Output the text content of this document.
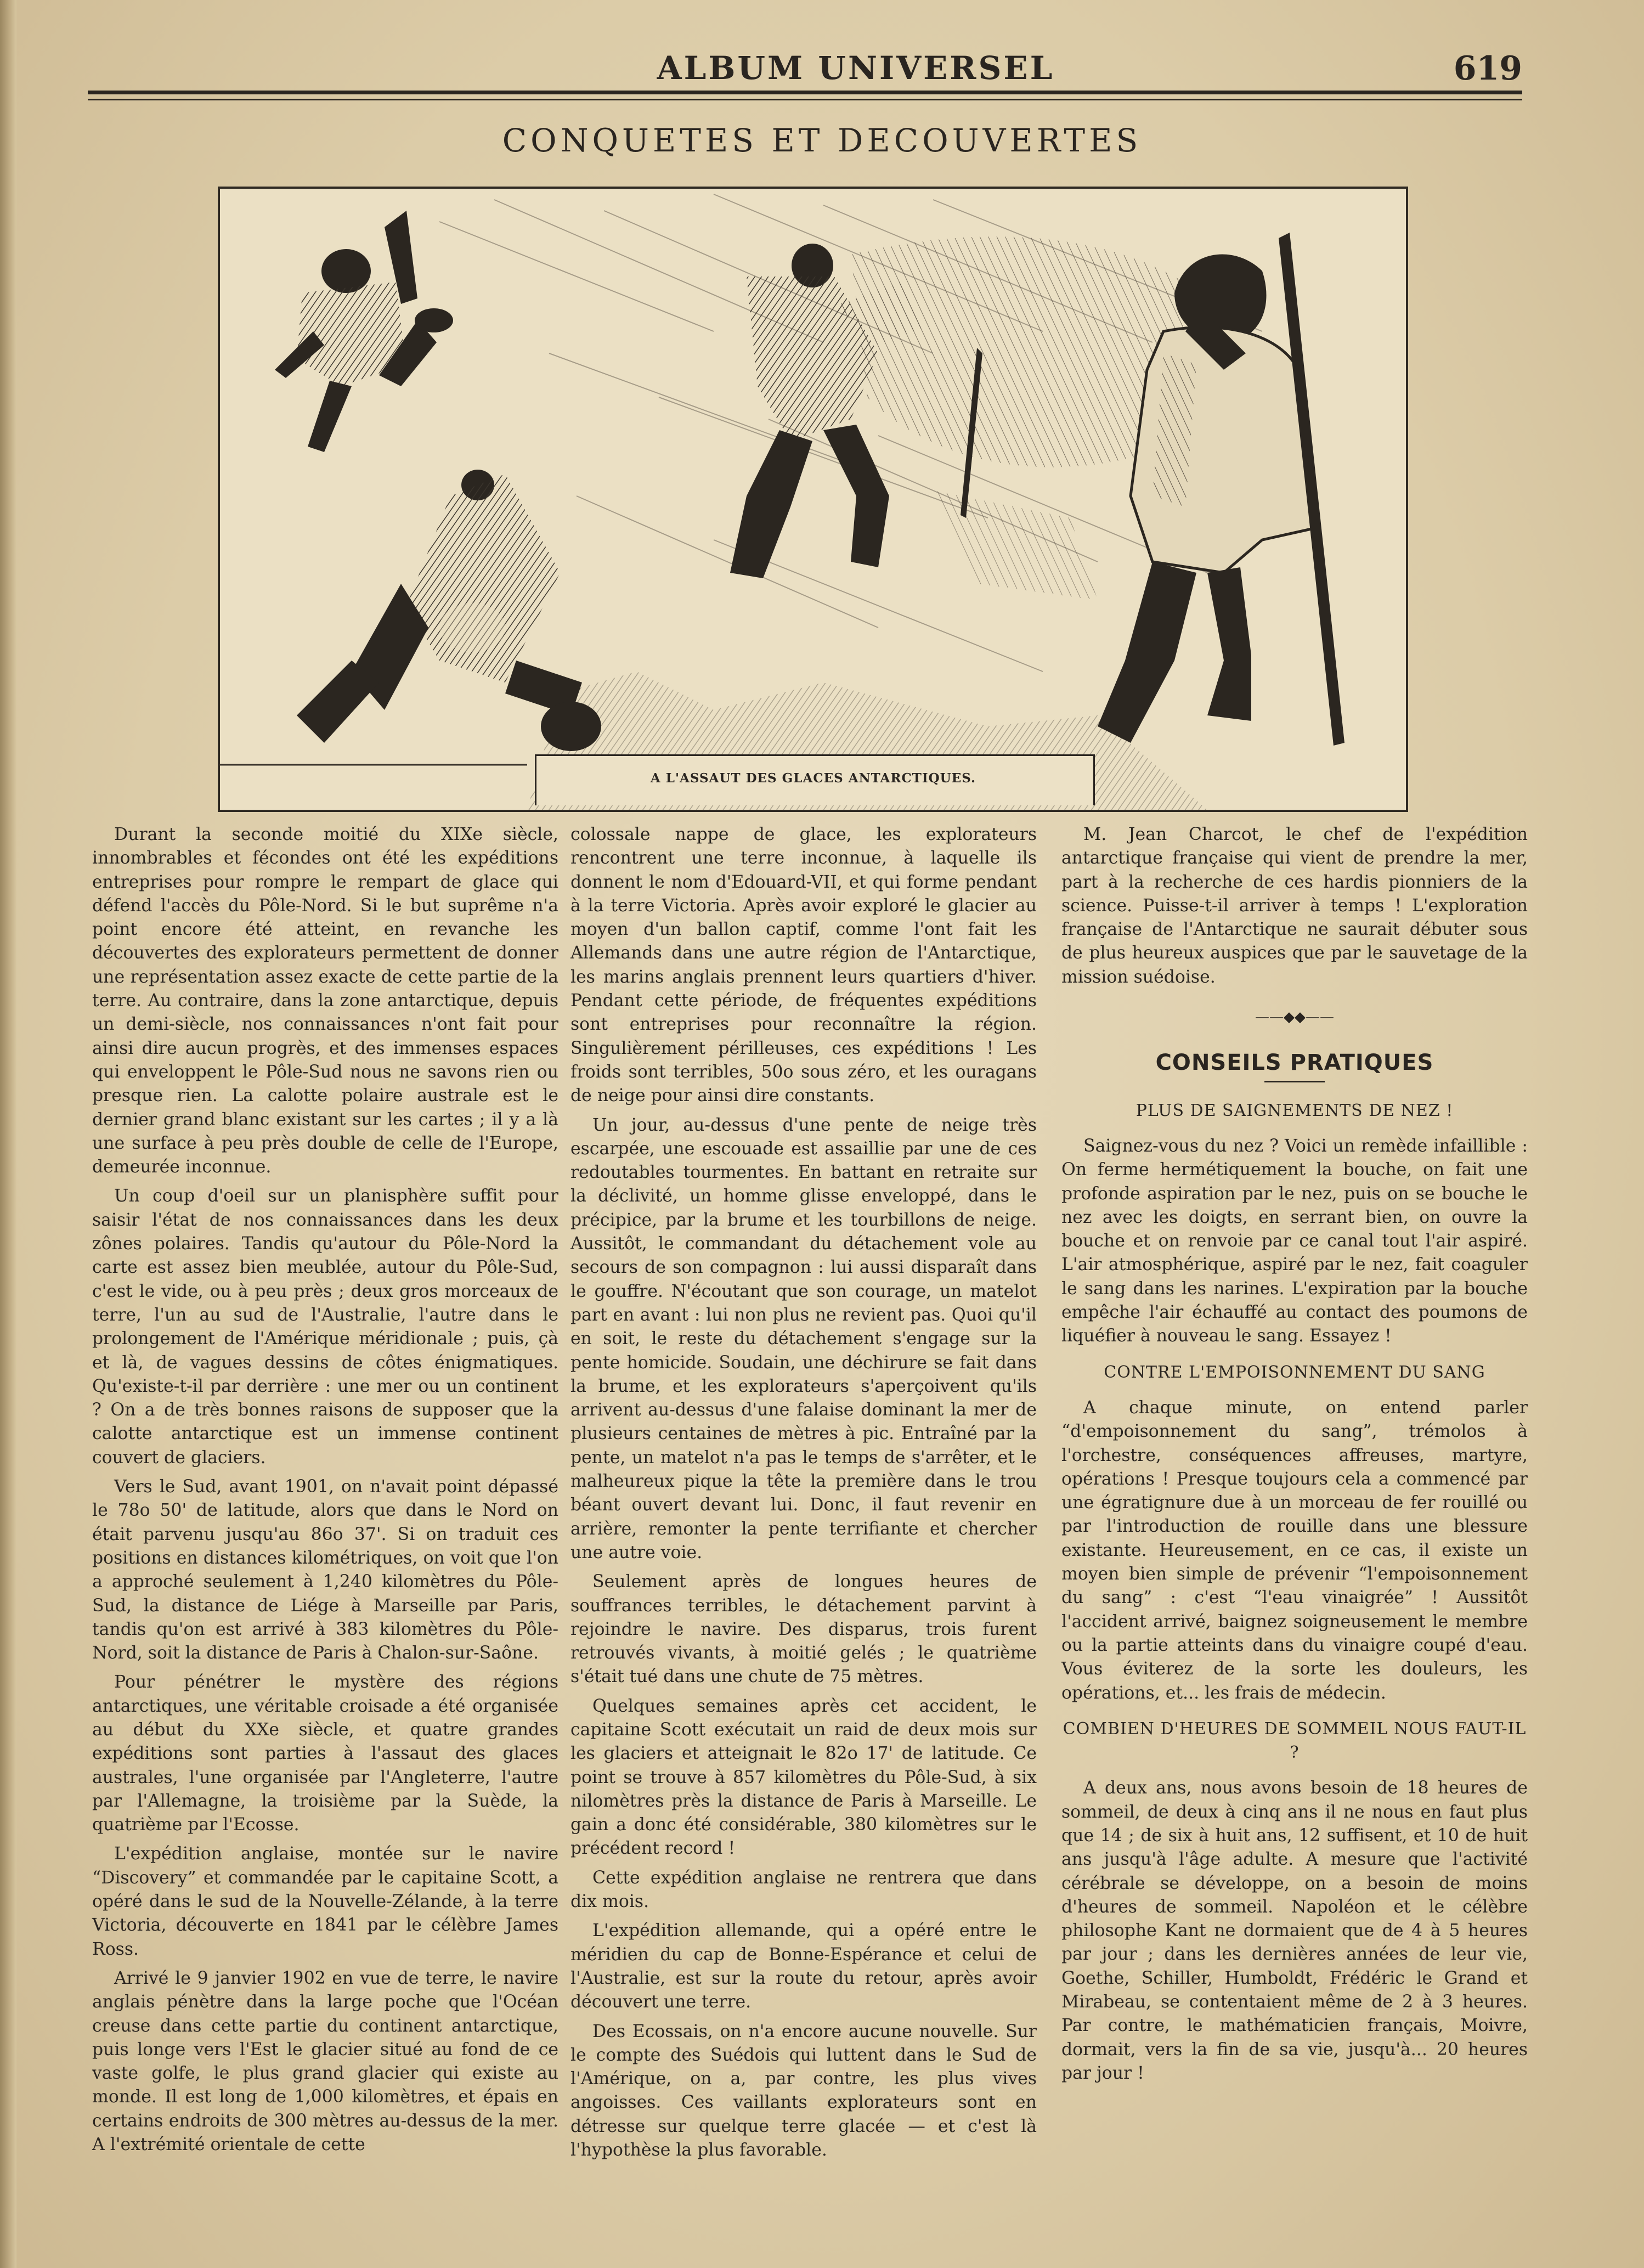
ALBUM UNIVERSEL	619
CONQUETES ET DECOUVERTES
A L'ASSAUT DES GLACES ANTARCTIQUES.

Durant la seconde moitié du XIXe siècle, innombrables et fécondes ont été les expéditions entreprises pour rompre le rempart de glace qui défend l'accès du Pôle-Nord. Si le but suprême n'a point encore été atteint, en revanche les découvertes des explorateurs permettent de donner une représentation assez exacte de cette partie de la terre. Au contraire, dans la zone antarctique, depuis un demi-siècle, nos connaissances n'ont fait pour ainsi dire aucun progrès, et des immenses espaces qui enveloppent le Pôle-Sud nous ne savons rien ou presque rien. La calotte polaire australe est le dernier grand blanc existant sur les cartes ; il y a là une surface à peu près double de celle de l'Europe, demeurée inconnue.

Un coup d'oeil sur un planisphère suffit pour saisir l'état de nos connaissances dans les deux zônes polaires. Tandis qu'autour du Pôle-Nord la carte est assez bien meublée, autour du Pôle-Sud, c'est le vide, ou à peu près ; deux gros morceaux de terre, l'un au sud de l'Australie, l'autre dans le prolongement de l'Amérique méridionale ; puis, çà et là, de vagues dessins de côtes énigmatiques. Qu'existe-t-il par derrière : une mer ou un continent ? On a de très bonnes raisons de supposer que la calotte antarctique est un immense continent couvert de glaciers.

Vers le Sud, avant 1901, on n'avait point dépassé le 78o 50' de latitude, alors que dans le Nord on était parvenu jusqu'au 86o 37'. Si on traduit ces positions en distances kilométriques, on voit que l'on a approché seulement à 1,240 kilomètres du Pôle-Sud, la distance de Liége à Marseille par Paris, tandis qu'on est arrivé à 383 kilomètres du Pôle-Nord, soit la distance de Paris à Chalon-sur-Saône.

Pour pénétrer le mystère des régions antarctiques, une véritable croisade a été organisée au début du XXe siècle, et quatre grandes expéditions sont parties à l'assaut des glaces australes, l'une organisée par l'Angleterre, l'autre par l'Allemagne, la troisième par la Suède, la quatrième par l'Ecosse.

L'expédition anglaise, montée sur le navire “Discovery” et commandée par le capitaine Scott, a opéré dans le sud de la Nouvelle-Zélande, à la terre Victoria, découverte en 1841 par le célèbre James Ross.

Arrivé le 9 janvier 1902 en vue de terre, le navire anglais pénètre dans la large poche que l'Océan creuse dans cette partie du continent antarctique, puis longe vers l'Est le glacier situé au fond de ce vaste golfe, le plus grand glacier qui existe au monde. Il est long de 1,000 kilomètres, et épais en certains endroits de 300 mètres au-dessus de la mer. A l'extrémité orientale de cette

colossale nappe de glace, les explorateurs rencontrent une terre inconnue, à laquelle ils donnent le nom d'Edouard-VII, et qui forme pendant à la terre Victoria. Après avoir exploré le glacier au moyen d'un ballon captif, comme l'ont fait les Allemands dans une autre région de l'Antarctique, les marins anglais prennent leurs quartiers d'hiver. Pendant cette période, de fréquentes expéditions sont entreprises pour reconnaître la région. Singulièrement périlleuses, ces expéditions ! Les froids sont terribles, 50o sous zéro, et les ouragans de neige pour ainsi dire constants.

Un jour, au-dessus d'une pente de neige très escarpée, une escouade est assaillie par une de ces redoutables tourmentes. En battant en retraite sur la déclivité, un homme glisse enveloppé, dans le précipice, par la brume et les tourbillons de neige. Aussitôt, le commandant du détachement vole au secours de son compagnon : lui aussi disparaît dans le gouffre. N'écoutant que son courage, un matelot part en avant : lui non plus ne revient pas. Quoi qu'il en soit, le reste du détachement s'engage sur la pente homicide. Soudain, une déchirure se fait dans la brume, et les explorateurs s'aperçoivent qu'ils arrivent au-dessus d'une falaise dominant la mer de plusieurs centaines de mètres à pic. Entraîné par la pente, un matelot n'a pas le temps de s'arrêter, et le malheureux pique la tête la première dans le trou béant ouvert devant lui. Donc, il faut revenir en arrière, remonter la pente terrifiante et chercher une autre voie.

Seulement après de longues heures de souffrances terribles, le détachement parvint à rejoindre le navire. Des disparus, trois furent retrouvés vivants, à moitié gelés ; le quatrième s'était tué dans une chute de 75 mètres.

Quelques semaines après cet accident, le capitaine Scott exécutait un raid de deux mois sur les glaciers et atteignait le 82o 17' de latitude. Ce point se trouve à 857 kilomètres du Pôle-Sud, à six nilomètres près la distance de Paris à Marseille. Le gain a donc été considérable, 380 kilomètres sur le précédent record !

Cette expédition anglaise ne rentrera que dans dix mois.

L'expédition allemande, qui a opéré entre le méridien du cap de Bonne-Espérance et celui de l'Australie, est sur la route du retour, après avoir découvert une terre.

Des Ecossais, on n'a encore aucune nouvelle. Sur le compte des Suédois qui luttent dans le Sud de l'Amérique, on a, par contre, les plus vives angoisses. Ces vaillants explorateurs sont en détresse sur quelque terre glacée — et c'est là l'hypothèse la plus favorable.

M. Jean Charcot, le chef de l'expédition antarctique française qui vient de prendre la mer, part à la recherche de ces hardis pionniers de la science. Puisse-t-il arriver à temps ! L'exploration française de l'Antarctique ne saurait débuter sous de plus heureux auspices que par le sauvetage de la mission suédoise.

——◆◆——
CONSEILS PRATIQUES
PLUS DE SAIGNEMENTS DE NEZ !

Saignez-vous du nez ? Voici un remède infaillible : On ferme hermétiquement la bouche, on fait une profonde aspiration par le nez, puis on se bouche le nez avec les doigts, en serrant bien, on ouvre la bouche et on renvoie par ce canal tout l'air aspiré. L'air atmosphérique, aspiré par le nez, fait coaguler le sang dans les narines. L'expiration par la bouche empêche l'air échauffé au contact des poumons de liquéfier à nouveau le sang. Essayez !

CONTRE L'EMPOISONNEMENT DU SANG

A chaque minute, on entend parler “d'empoisonnement du sang”, trémolos à l'orchestre, conséquences affreuses, martyre, opérations ! Presque toujours cela a commencé par une égratignure due à un morceau de fer rouillé ou par l'introduction de rouille dans une blessure existante. Heureusement, en ce cas, il existe un moyen bien simple de prévenir “l'empoisonnement du sang” : c'est “l'eau vinaigrée” ! Aussitôt l'accident arrivé, baignez soigneusement le membre ou la partie atteints dans du vinaigre coupé d'eau. Vous éviterez de la sorte les douleurs, les opérations, et... les frais de médecin.

COMBIEN D'HEURES DE SOMMEIL NOUS FAUT-IL ?

A deux ans, nous avons besoin de 18 heures de sommeil, de deux à cinq ans il ne nous en faut plus que 14 ; de six à huit ans, 12 suffisent, et 10 de huit ans jusqu'à l'âge adulte. A mesure que l'activité cérébrale se développe, on a besoin de moins d'heures de sommeil. Napoléon et le célèbre philosophe Kant ne dormaient que de 4 à 5 heures par jour ; dans les dernières années de leur vie, Goethe, Schiller, Humboldt, Frédéric le Grand et Mirabeau, se contentaient même de 2 à 3 heures. Par contre, le mathématicien français, Moivre, dormait, vers la fin de sa vie, jusqu'à... 20 heures par jour !
